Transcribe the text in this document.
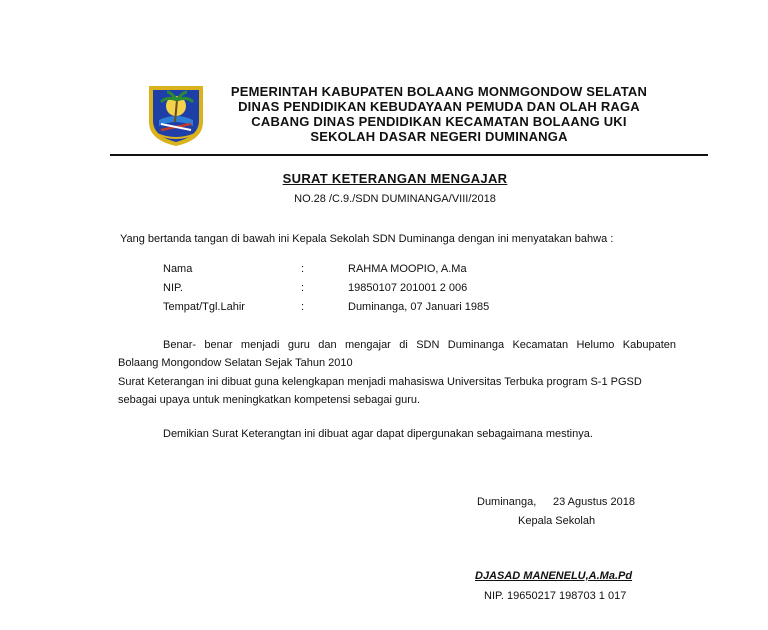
PEMERINTAH KABUPATEN BOLAANG MONMGONDOW SELATAN
DINAS PENDIDIKAN KEBUDAYAAN PEMUDA DAN OLAH RAGA
CABANG DINAS PENDIDIKAN KECAMATAN BOLAANG UKI
SEKOLAH DASAR NEGERI DUMINANGA
SURAT KETERANGAN MENGAJAR
NO.28 /C.9./SDN DUMINANGA/VIII/2018
Yang bertanda tangan di bawah ini Kepala Sekolah SDN Duminanga dengan ini menyatakan bahwa :
Nama	:	RAHMA MOOPIO, A.Ma
NIP.	:	19850107 201001 2 006
Tempat/Tgl.Lahir	:	Duminanga, 07 Januari 1985
Benar- benar menjadi guru dan mengajar di SDN Duminanga Kecamatan Helumo Kabupaten
Bolaang Mongondow Selatan Sejak Tahun 2010
Surat Keterangan ini dibuat guna kelengkapan menjadi mahasiswa Universitas Terbuka program S-1 PGSD
sebagai upaya untuk meningkatkan kompetensi sebagai guru.
Demikian Surat Keterangtan ini dibuat agar dapat dipergunakan sebagaimana mestinya.
Duminanga, 23 Agustus 2018
Kepala Sekolah
DJASAD MANENELU,A.Ma.Pd
NIP. 19650217 198703 1 017
